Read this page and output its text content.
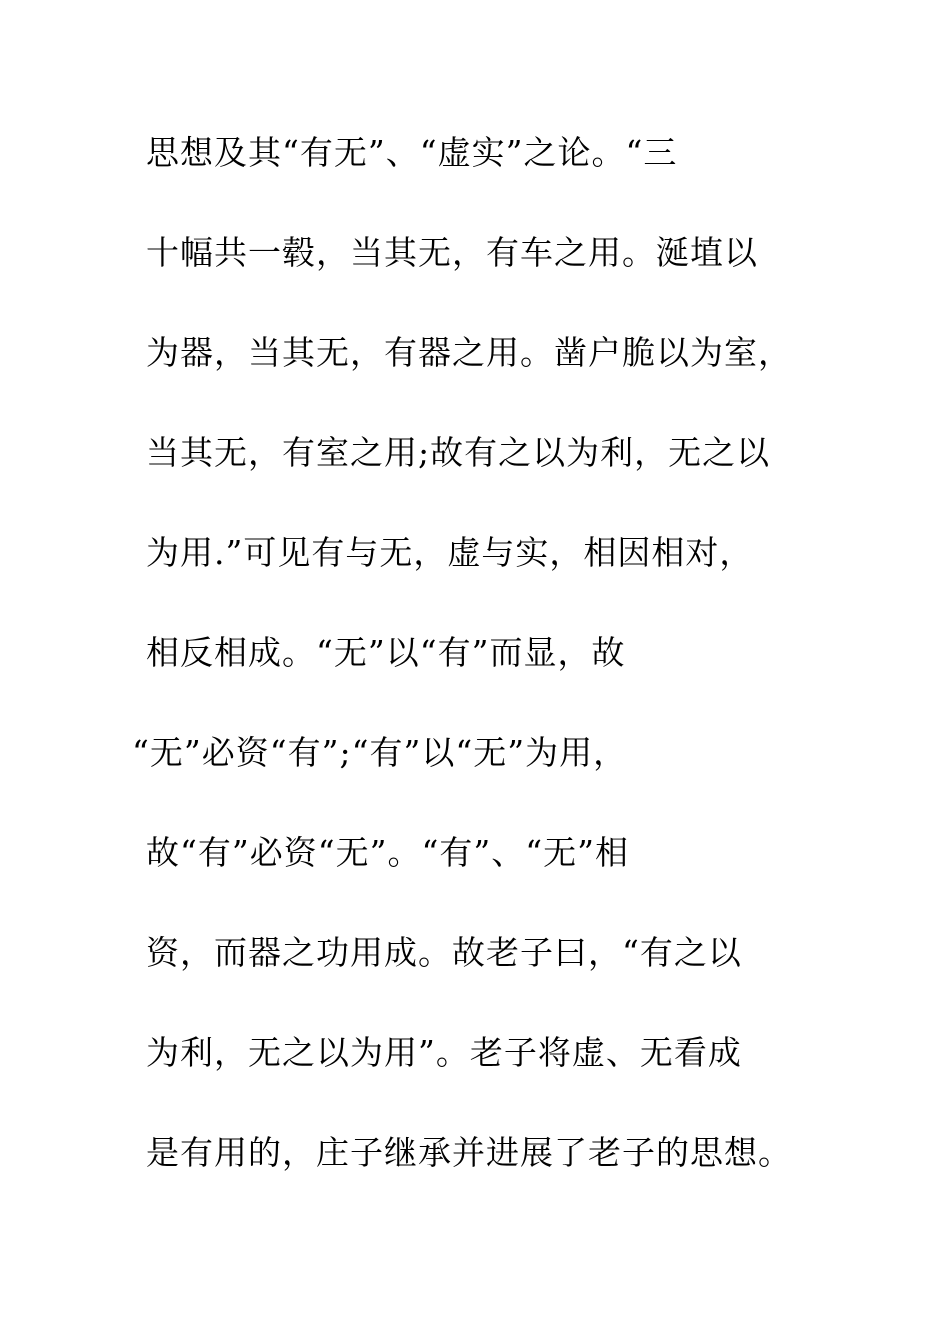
思想及其“有无”、“虚实”之论。“三
十幅共一毂，当其无，有车之用。涎埴以
为器，当其无，有器之用。凿户脆以为室，
当其无，有室之用;故有之以为利，无之以
为用.”可见有与无，虚与实，相因相对，
相反相成。“无”以“有”而显，故
“无”必资“有”;“有”以“无”为用，
故“有”必资“无”。“有”、“无”相
资，而器之功用成。故老子曰，“有之以
为利，无之以为用”。老子将虚、无看成
是有用的，庄子继承并进展了老子的思想。
